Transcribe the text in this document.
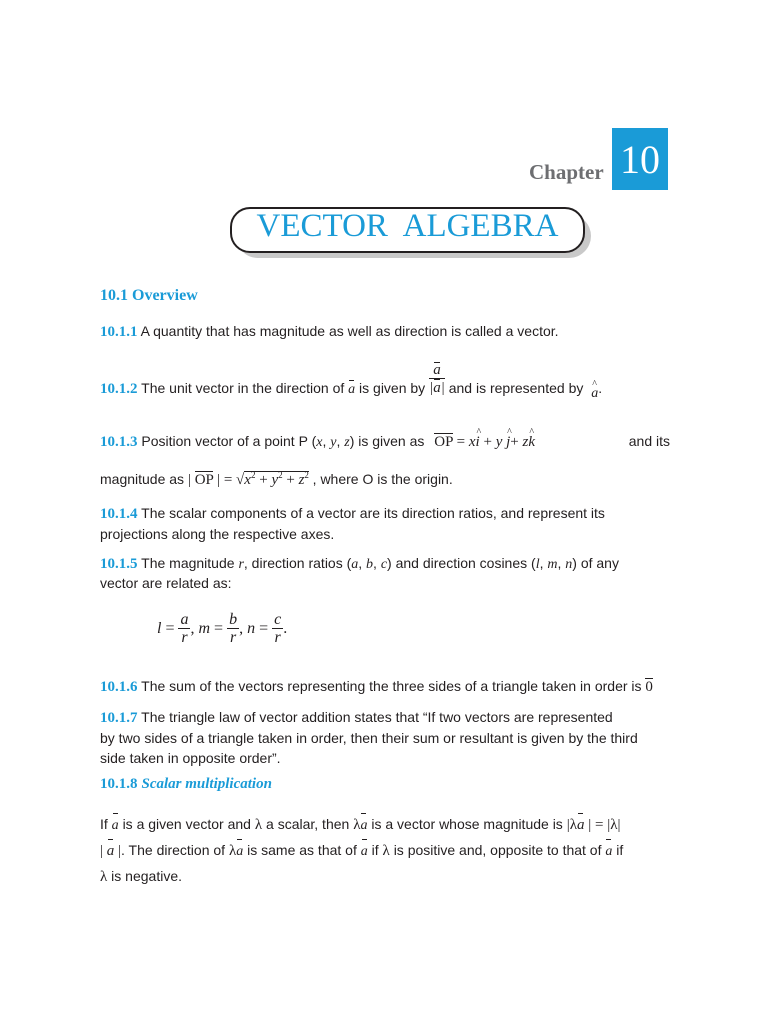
Chapter 10
VECTOR  ALGEBRA
10.1 Overview
10.1.1 A quantity that has magnitude as well as direction is called a vector.
10.1.2 The unit vector in the direction of a is given by $\frac{a}{|a|}$ and is represented by ^ a.
10.1.3 Position vector of a point P (x, y, z) is given as OP = x^ i + y ^ j+ z^ k	and its
magnitude as | OP | = $√x^2 + y^2 + z^2$ , where O is the origin.
10.1.4 The scalar components of a vector are its direction ratios, and represent its projections along the respective axes.
10.1.5 The magnitude r, direction ratios (a, b, c) and direction cosines (l, m, n) of any
vector are related as:
$l = \frac{a}{r}$ , $m = \frac{b}{r}$ , $n = \frac{c}{r}$ .
10.1.6 The sum of the vectors representing the three sides of a triangle taken in order is 0
10.1.7 The triangle law of vector addition states that “If two vectors are represented
by two sides of a triangle taken in order, then their sum or resultant is given by the third
side taken in opposite order”.
10.1.8 Scalar multiplication
If a is a given vector and λ a scalar, then λa is a vector whose magnitude is |λa | = |λ|
| a |. The direction of λa is same as that of a if λ is positive and, opposite to that of a if
λ is negative.
